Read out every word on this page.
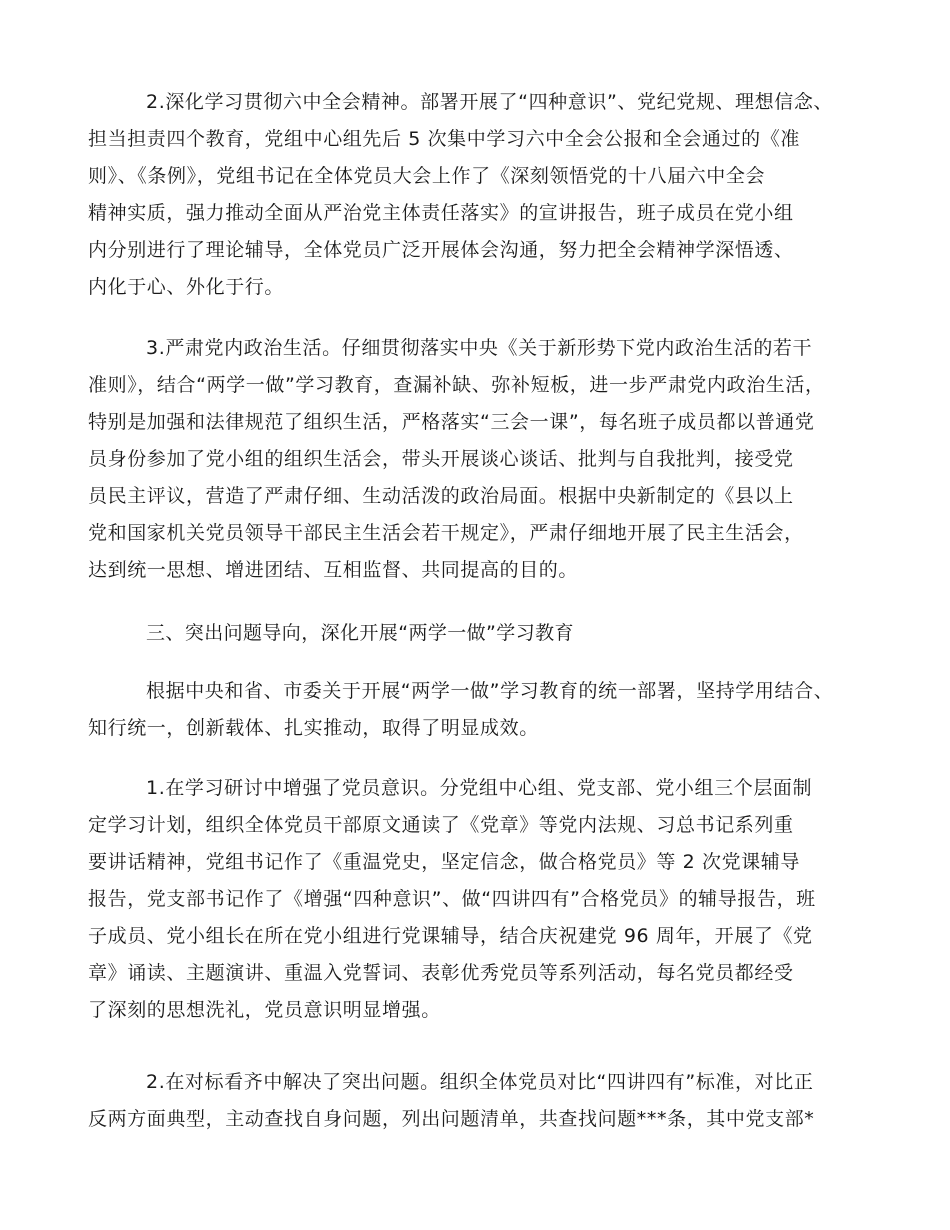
2.深化学习贯彻六中全会精神。部署开展了“四种意识”、党纪党规、理想信念、
担当担责四个教育，党组中心组先后 5 次集中学习六中全会公报和全会通过的《准
则》、《条例》，党组书记在全体党员大会上作了《深刻领悟党的十八届六中全会
精神实质，强力推动全面从严治党主体责任落实》的宣讲报告，班子成员在党小组
内分别进行了理论辅导，全体党员广泛开展体会沟通，努力把全会精神学深悟透、
内化于心、外化于行。
3.严肃党内政治生活。仔细贯彻落实中央《关于新形势下党内政治生活的若干
准则》，结合“两学一做”学习教育，查漏补缺、弥补短板，进一步严肃党内政治生活，
特别是加强和法律规范了组织生活，严格落实“三会一课”，每名班子成员都以普通党
员身份参加了党小组的组织生活会，带头开展谈心谈话、批判与自我批判，接受党
员民主评议，营造了严肃仔细、生动活泼的政治局面。根据中央新制定的《县以上
党和国家机关党员领导干部民主生活会若干规定》，严肃仔细地开展了民主生活会，
达到统一思想、增进团结、互相监督、共同提高的目的。
三、突出问题导向，深化开展“两学一做”学习教育
根据中央和省、市委关于开展“两学一做”学习教育的统一部署，坚持学用结合、
知行统一，创新载体、扎实推动，取得了明显成效。
1.在学习研讨中增强了党员意识。分党组中心组、党支部、党小组三个层面制
定学习计划，组织全体党员干部原文通读了《党章》等党内法规、习总书记系列重
要讲话精神，党组书记作了《重温党史，坚定信念，做合格党员》等 2 次党课辅导
报告，党支部书记作了《增强“四种意识”、做“四讲四有”合格党员》的辅导报告，班
子成员、党小组长在所在党小组进行党课辅导，结合庆祝建党 96 周年，开展了《党
章》诵读、主题演讲、重温入党誓词、表彰优秀党员等系列活动，每名党员都经受
了深刻的思想洗礼，党员意识明显增强。
2.在对标看齐中解决了突出问题。组织全体党员对比“四讲四有”标准，对比正
反两方面典型，主动查找自身问题，列出问题清单，共查找问题***条，其中党支部*
